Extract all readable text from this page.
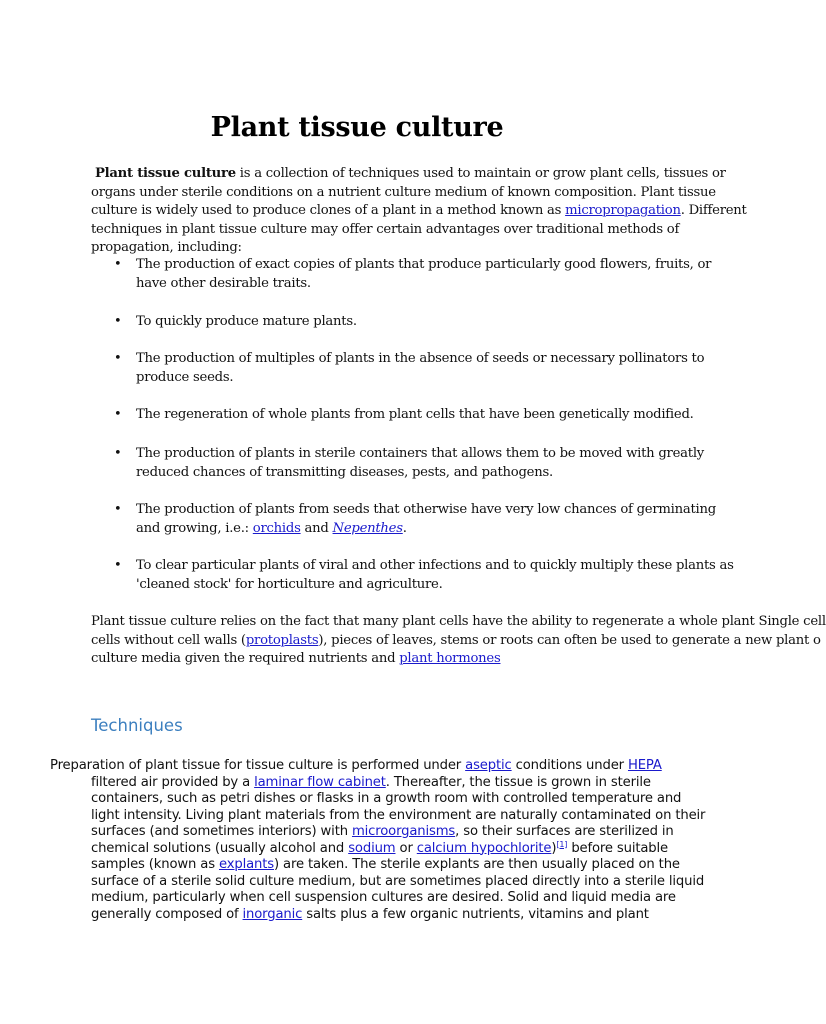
Plant tissue culture
Plant tissue culture is a collection of techniques used to maintain or grow plant cells, tissues or organs under sterile conditions on a nutrient culture medium of known composition. Plant tissue culture is widely used to produce clones of a plant in a method known as micropropagation. Different techniques in plant tissue culture may offer certain advantages over traditional methods of propagation, including:
• The production of exact copies of plants that produce particularly good flowers, fruits, or have other desirable traits.
• To quickly produce mature plants.
• The production of multiples of plants in the absence of seeds or necessary pollinators to produce seeds.
• The regeneration of whole plants from plant cells that have been genetically modified.
• The production of plants in sterile containers that allows them to be moved with greatly reduced chances of transmitting diseases, pests, and pathogens.
• The production of plants from seeds that otherwise have very low chances of germinating and growing, i.e.: orchids and Nepenthes.
• To clear particular plants of viral and other infections and to quickly multiply these plants as 'cleaned stock' for horticulture and agriculture.
Plant tissue culture relies on the fact that many plant cells have the ability to regenerate a whole plant Single cell
cells without cell walls (protoplasts), pieces of leaves, stems or roots can often be used to generate a new plant o
culture media given the required nutrients and plant hormones
Techniques
Preparation of plant tissue for tissue culture is performed under aseptic conditions under HEPA
filtered air provided by a laminar flow cabinet. Thereafter, the tissue is grown in sterile
containers, such as petri dishes or flasks in a growth room with controlled temperature and
light intensity. Living plant materials from the environment are naturally contaminated on their
surfaces (and sometimes interiors) with microorganisms, so their surfaces are sterilized in
chemical solutions (usually alcohol and sodium or calcium hypochlorite)[1] before suitable
samples (known as explants) are taken. The sterile explants are then usually placed on the
surface of a sterile solid culture medium, but are sometimes placed directly into a sterile liquid
medium, particularly when cell suspension cultures are desired. Solid and liquid media are
generally composed of inorganic salts plus a few organic nutrients, vitamins and plant
